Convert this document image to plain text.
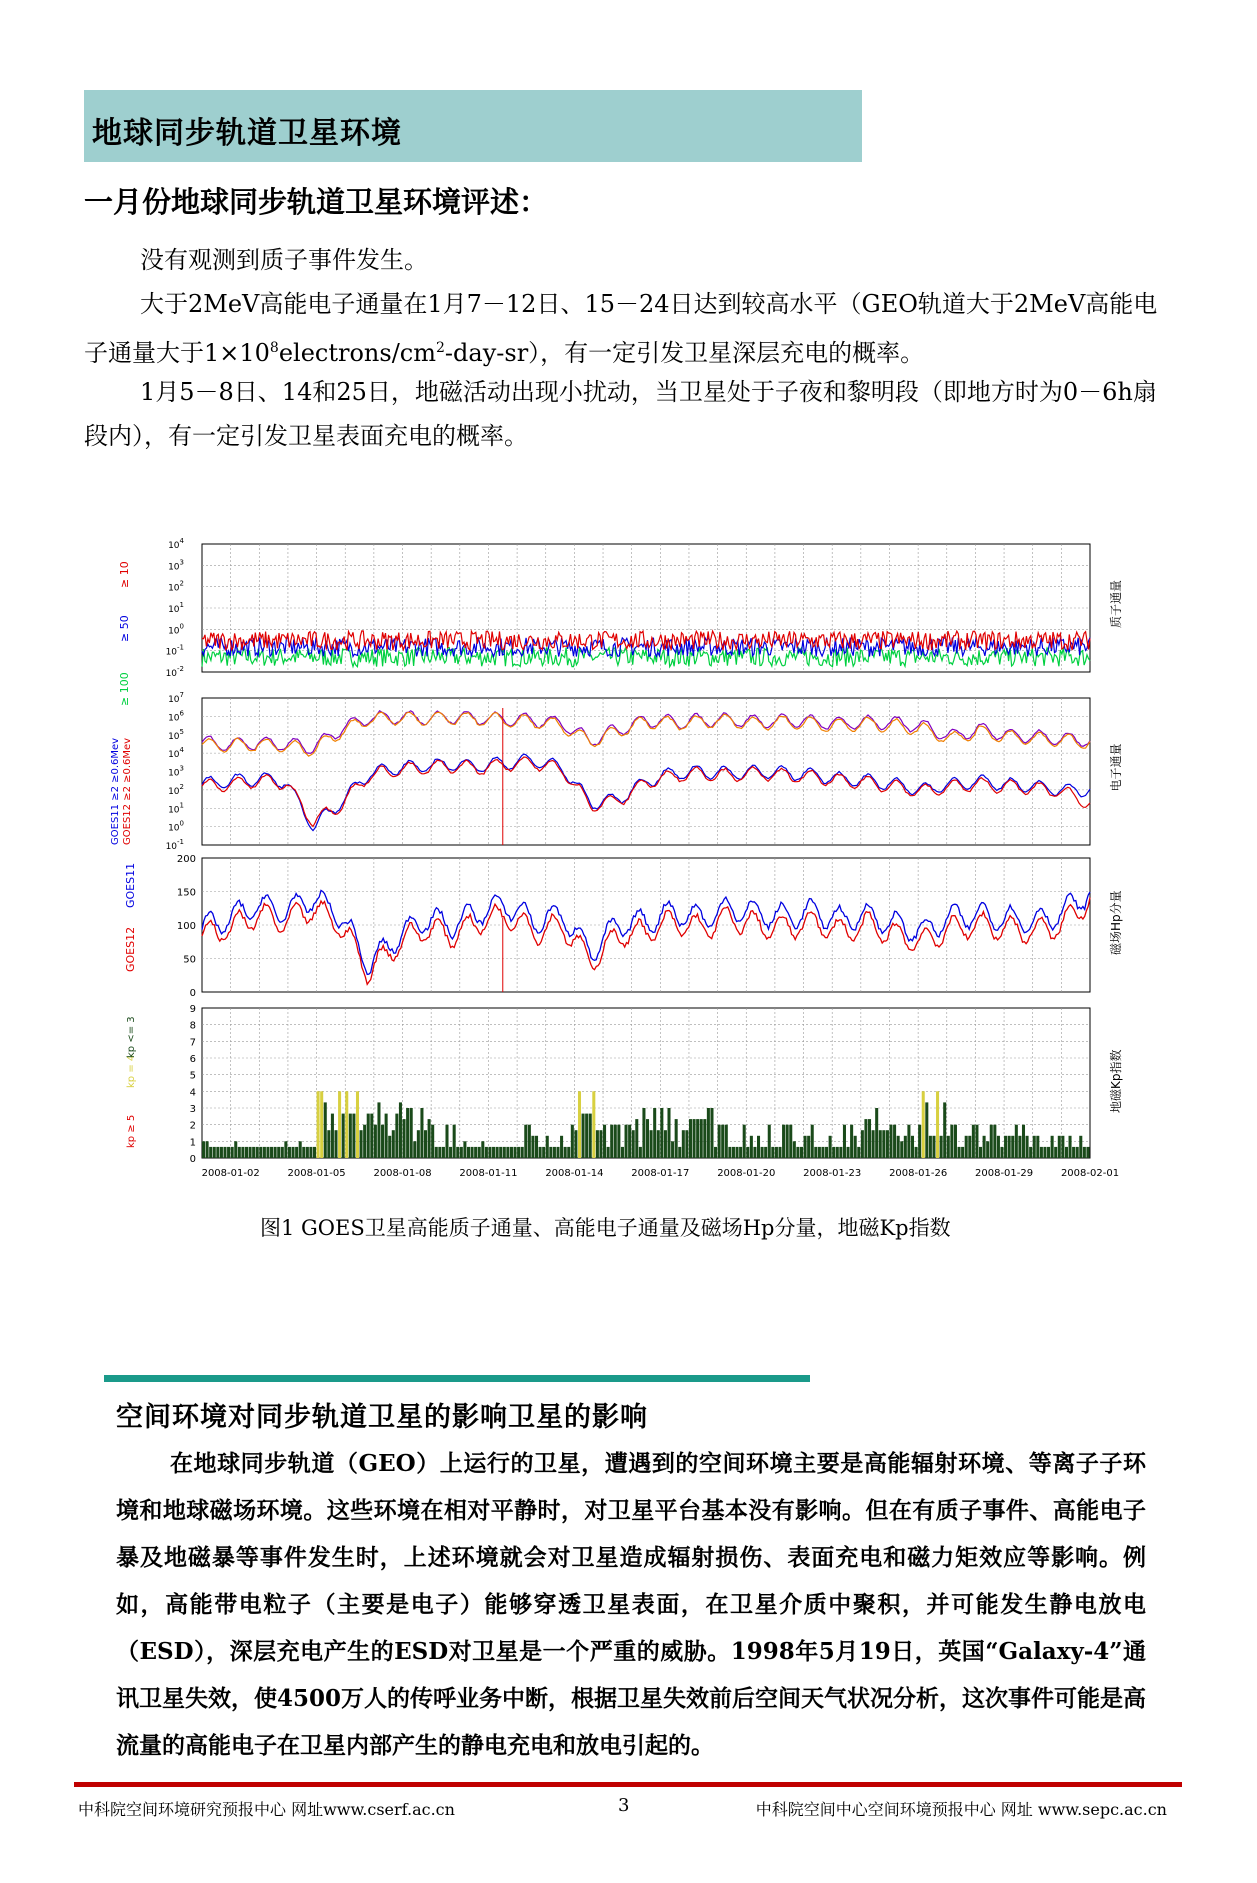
地球同步轨道卫星环境
一月份地球同步轨道卫星环境评述：
没有观测到质子事件发生。
大于2MeV高能电子通量在1月7－12日、15－24日达到较高水平（GEO轨道大于2MeV高能电子通量大于$1\times 10^8electrons/cm^2-day-sr$），有一定引发卫星深层充电的概率。
1月5－8日、14和25日，地磁活动出现小扰动，当卫星处于子夜和黎明段（即地方时为0－6h扇段内），有一定引发卫星表面充电的概率。
$10^{-2}$
$10^{-1}$
$10^0$
$10^1$
$10^2$
$10^3$
$10^4$
≥ 10
≥ 50
≥ 100
质子通量
$10^{-1}$
$10^0$
$10^1$
$10^2$
$10^3$
$10^4$
$10^5$
$10^6$
$10^7$
电子通量
GOES11 ≥2 ≥0.6Mev GOES12 ≥2 ≥0.6Mev
0
50
100
150
200
磁场Hp分量
GOES11
GOES12
0
1
2
3
4
5
6
7
8
9
地磁Kp指数
kp ≥ 5
kp = 4
kp <= 3
2008-01-02	2008-01-05	2008-01-08	2008-01-11	2008-01-14	2008-01-17	2008-01-20	2008-01-23	2008-01-26	2008-01-29	2008-02-01
图1 GOES卫星高能质子通量、高能电子通量及磁场Hp分量，地磁Kp指数
空间环境对同步轨道卫星的影响卫星的影响
在地球同步轨道（GEO）上运行的卫星，遭遇到的空间环境主要是高能辐射环境、等离子子环境和地球磁场环境。这些环境在相对平静时，对卫星平台基本没有影响。但在有质子事件、高能电子暴及地磁暴等事件发生时，上述环境就会对卫星造成辐射损伤、表面充电和磁力矩效应等影响。例如，高能带电粒子（主要是电子）能够穿透卫星表面，在卫星介质中聚积，并可能发生静电放电（ESD），深层充电产生的ESD对卫星是一个严重的威胁。1998年5月19日，英国“Galaxy-4”通讯卫星失效，使4500万人的传呼业务中断，根据卫星失效前后空间天气状况分析，这次事件可能是高流量的高能电子在卫星内部产生的静电充电和放电引起的。
中科院空间环境研究预报中心 网址www.cserf.ac.cn	3	中科院空间中心空间环境预报中心 网址 www.sepc.ac.cn
